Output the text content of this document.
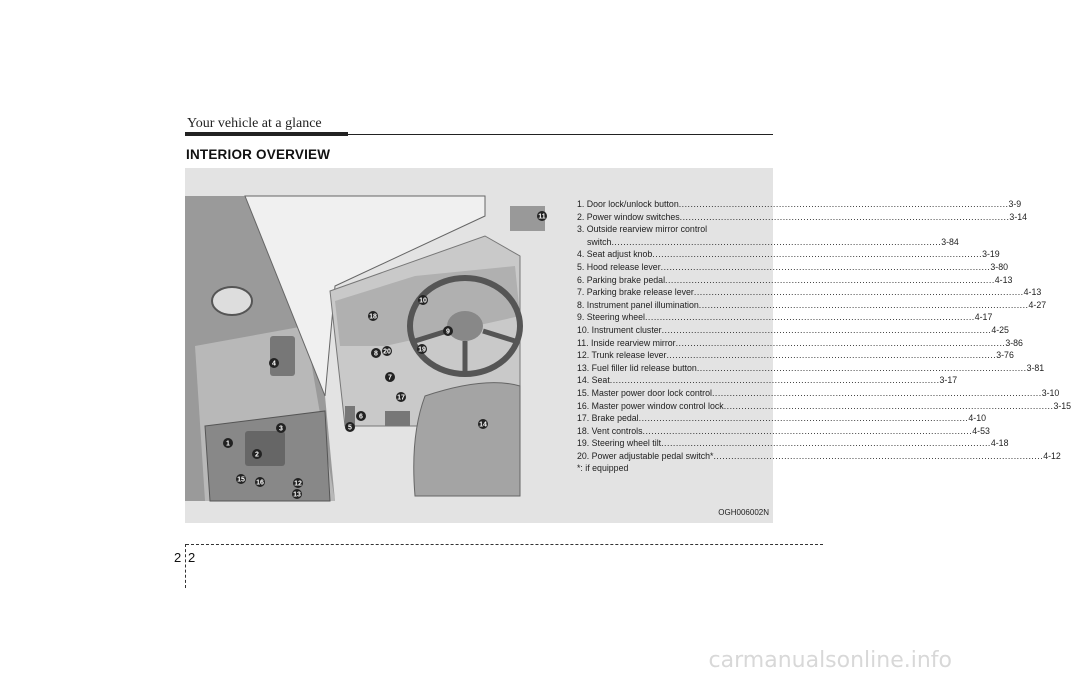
Your vehicle at a glance
INTERIOR OVERVIEW
1
2
3
4
5
6
7
8
9
10
11
12
13
14
15 16
17
18
19
20
1. Door lock/unlock button .....	3-9
2. Power window switches .....	3-14
3. Outside rearview mirror control
switch .....	3-84
4. Seat adjust knob .....	3-19
5. Hood release lever .....	3-80
6. Parking brake pedal .....	4-13
7. Parking brake release lever .....	4-13
8. Instrument panel illumination .....	4-27
9. Steering wheel .....	4-17
10. Instrument cluster .....	4-25
11. Inside rearview mirror .....	3-86
12. Trunk release lever .....	3-76
13. Fuel filler lid release button .....	3-81
14. Seat .....	3-17
15. Master power door lock control .....	3-10
16. Master power window control lock .....	3-15
17. Brake pedal .....	4-10
18. Vent controls .....	4-53
19. Steering wheel tilt .....	4-18
20. Power adjustable pedal switch* .....	4-12
*: if equipped
OGH006002N
2 2
carmanualsonline.info
